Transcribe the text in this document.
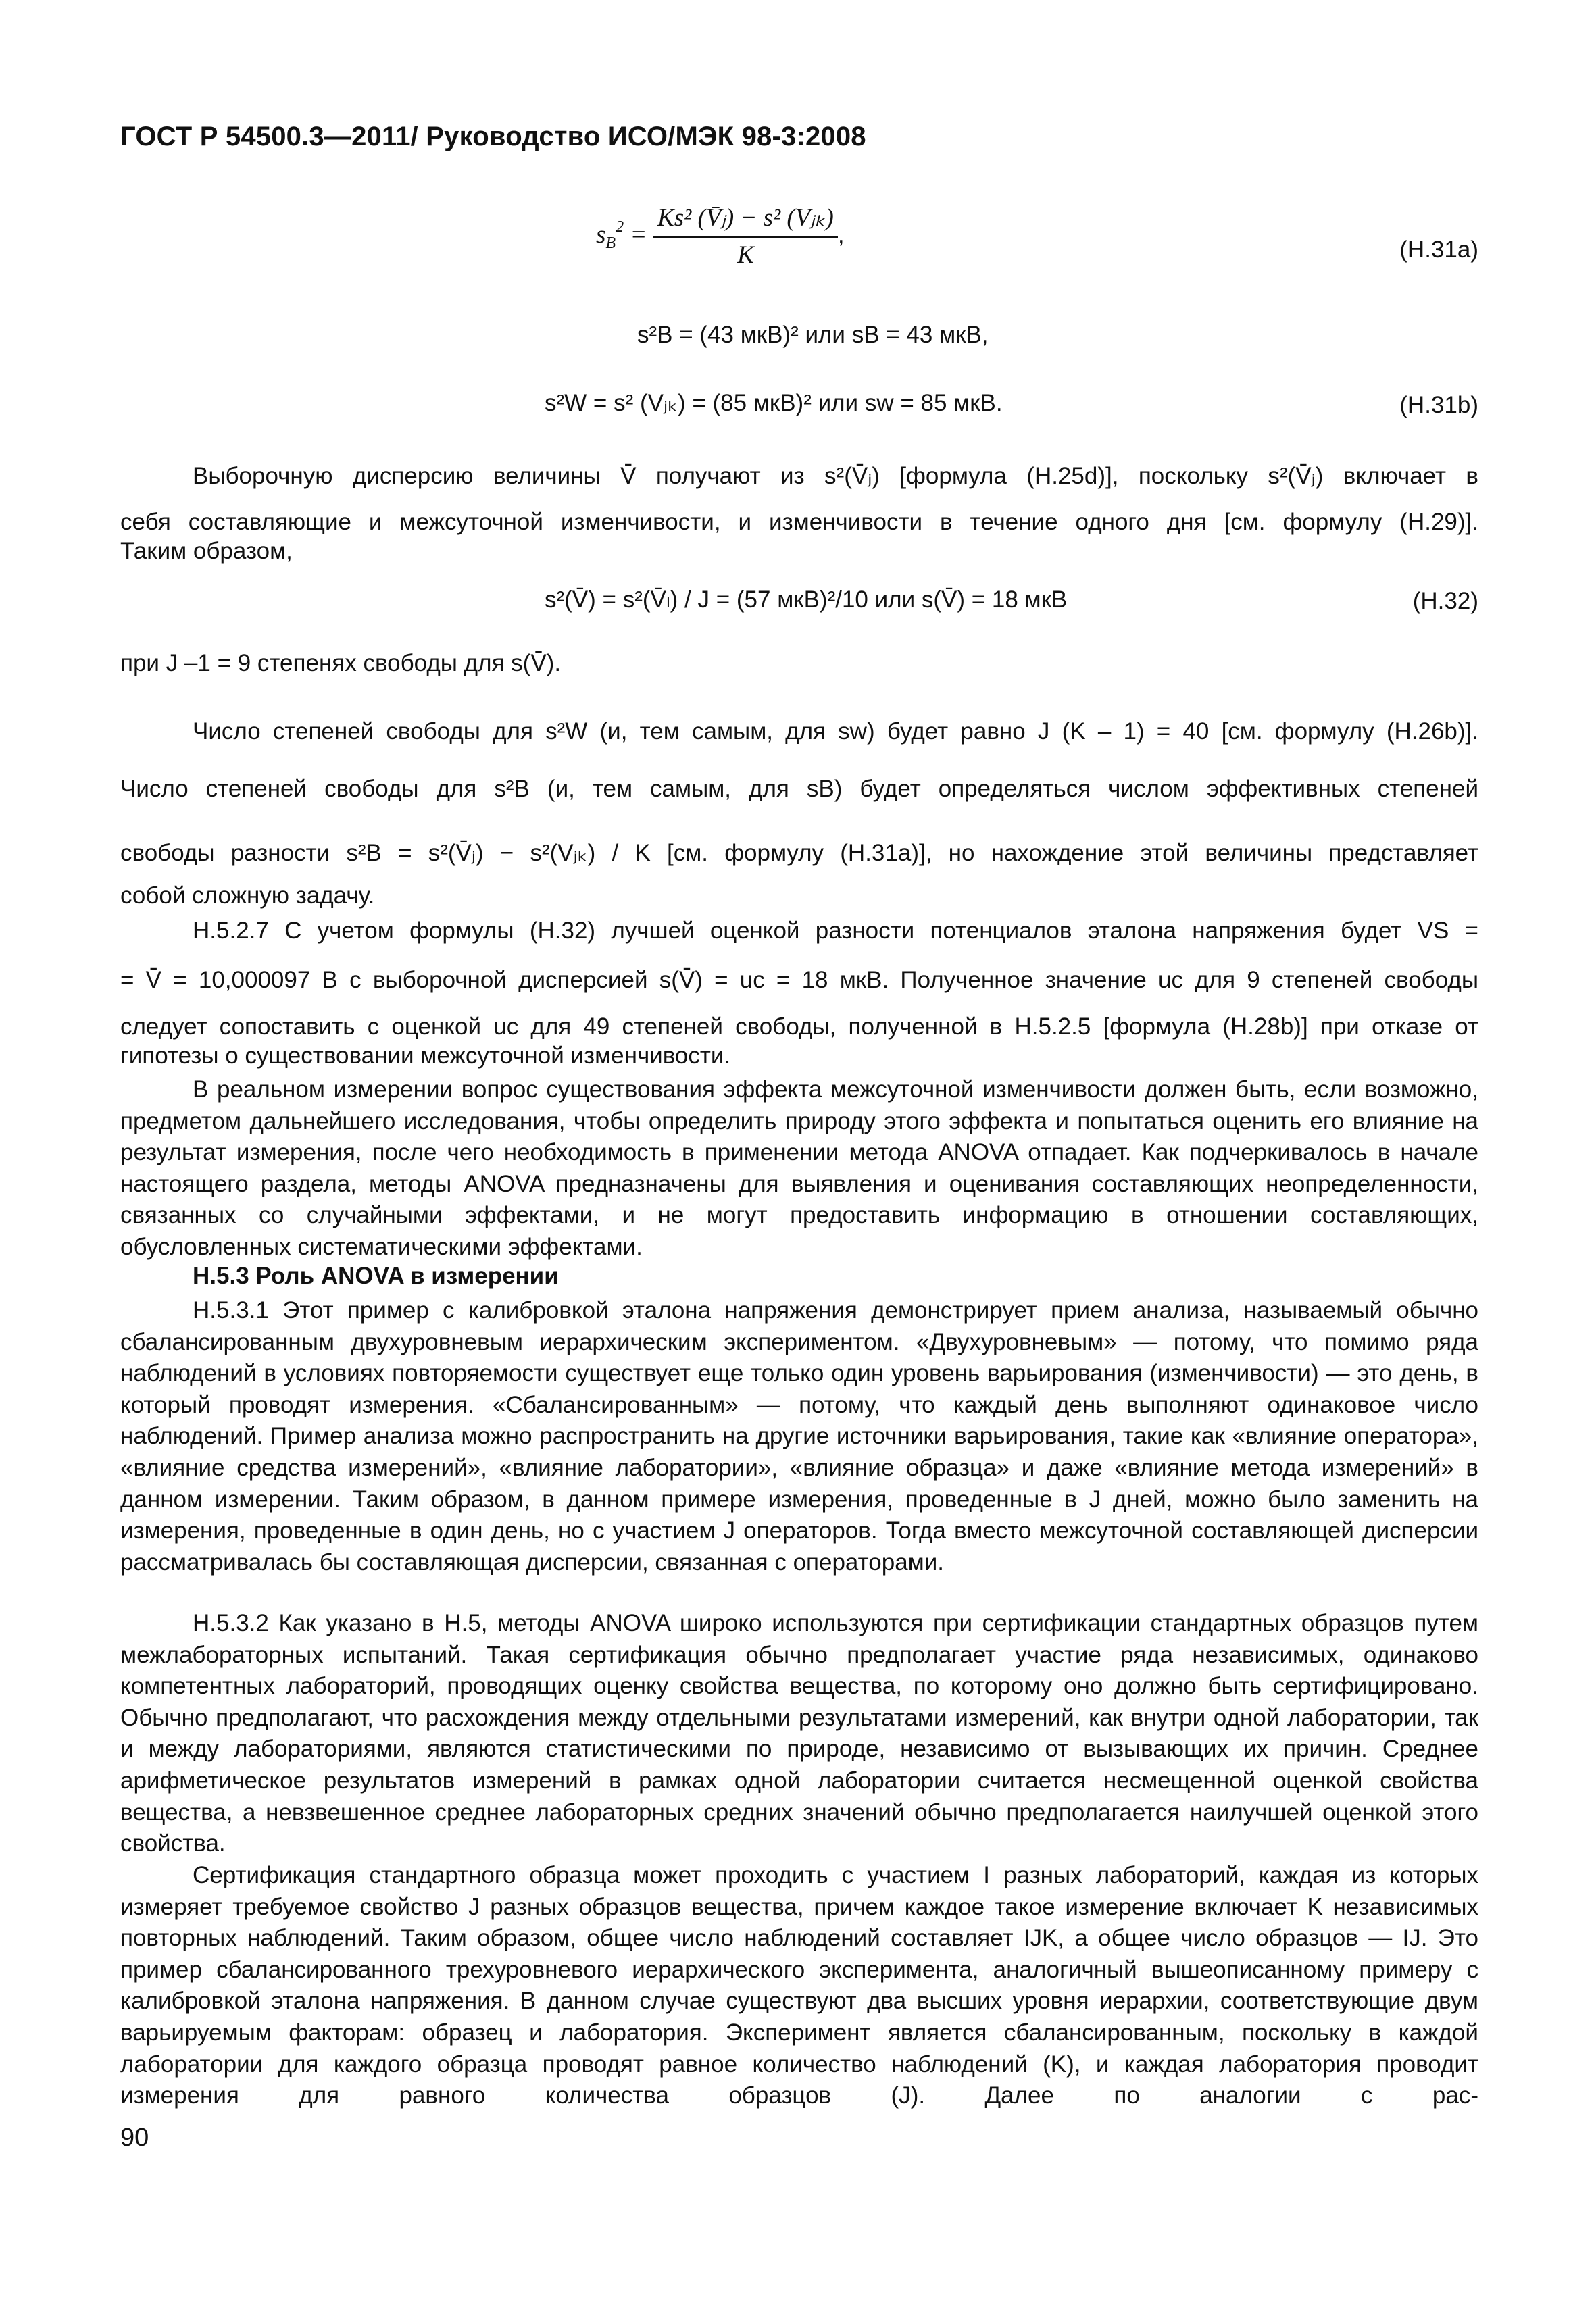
ГОСТ Р 54500.3—2011/ Руководство ИСО/МЭК 98-3:2008
$s_B^2 = \frac{\text{Ks² (V̄ⱼ) − s² (Vⱼₖ)}}{K}$ ,
(H.31a)
s²B = (43 мкВ)² или sB = 43 мкВ,
s²W = s² (Vⱼₖ) = (85 мкВ)² или sw = 85 мкВ.	(H.31b)
Выборочную дисперсию величины V̄ получают из s²(V̄ⱼ) [формула (H.25d)], поскольку s²(V̄ⱼ) включает в
себя составляющие и межсуточной изменчивости, и изменчивости в течение одного дня [см. формулу (H.29)].
Таким образом,
s²(V̄) = s²(V̄ₗ) / J = (57 мкВ)²/10 или s(V̄) = 18 мкВ	(H.32)
при J –1 = 9 степенях свободы для s(V̄).
Число степеней свободы для s²W (и, тем самым, для sw) будет равно J (K – 1) = 40 [см. формулу (H.26b)].
Число степеней свободы для s²B (и, тем самым, для sB) будет определяться числом эффективных степеней
свободы разности s²B = s²(V̄ⱼ) − s²(Vⱼₖ) / K [см. формулу (H.31a)], но нахождение этой величины представляет
собой сложную задачу.
H.5.2.7 С учетом формулы (H.32) лучшей оценкой разности потенциалов эталона напряжения будет VS =
= V̄ = 10,000097 В с выборочной дисперсией s(V̄) = uc = 18 мкВ. Полученное значение uc для 9 степеней свободы
следует сопоставить с оценкой uc для 49 степеней свободы, полученной в H.5.2.5 [формула (H.28b)] при отказе от
гипотезы о существовании межсуточной изменчивости.
В реальном измерении вопрос существования эффекта межсуточной изменчивости должен быть, если возможно, предметом дальнейшего исследования, чтобы определить природу этого эффекта и попытаться оценить его влияние на результат измерения, после чего необходимость в применении метода ANOVA отпадает. Как подчеркивалось в начале настоящего раздела, методы ANOVA предназначены для выявления и оценивания составляющих неопределенности, связанных со случайными эффектами, и не могут предоставить информацию в отношении составляющих, обусловленных систематическими эффектами.
H.5.3 Роль ANOVA в измерении
H.5.3.1 Этот пример с калибровкой эталона напряжения демонстрирует прием анализа, называемый обычно сбалансированным двухуровневым иерархическим экспериментом. «Двухуровневым» — потому, что помимо ряда наблюдений в условиях повторяемости существует еще только один уровень варьирования (изменчивости) — это день, в который проводят измерения. «Сбалансированным» — потому, что каждый день выполняют одинаковое число наблюдений. Пример анализа можно распространить на другие источники варьирования, такие как «влияние оператора», «влияние средства измерений», «влияние лаборатории», «влияние образца» и даже «влияние метода измерений» в данном измерении. Таким образом, в данном примере измерения, проведенные в J дней, можно было заменить на измерения, проведенные в один день, но с участием J операторов. Тогда вместо межсуточной составляющей дисперсии рассматривалась бы составляющая дисперсии, связанная с операторами.
H.5.3.2 Как указано в H.5, методы ANOVA широко используются при сертификации стандартных образцов путем межлабораторных испытаний. Такая сертификация обычно предполагает участие ряда независимых, одинаково компетентных лабораторий, проводящих оценку свойства вещества, по которому оно должно быть сертифицировано. Обычно предполагают, что расхождения между отдельными результатами измерений, как внутри одной лаборатории, так и между лабораториями, являются статистическими по природе, независимо от вызывающих их причин. Среднее арифметическое результатов измерений в рамках одной лаборатории считается несмещенной оценкой свойства вещества, а невзвешенное среднее лабораторных средних значений обычно предполагается наилучшей оценкой этого свойства.
Сертификация стандартного образца может проходить с участием I разных лабораторий, каждая из которых измеряет требуемое свойство J разных образцов вещества, причем каждое такое измерение включает K независимых повторных наблюдений. Таким образом, общее число наблюдений составляет IJK, а общее число образцов — IJ. Это пример сбалансированного трехуровневого иерархического эксперимента, аналогичный вышеописанному примеру с калибровкой эталона напряжения. В данном случае существуют два высших уровня иерархии, соответствующие двум варьируемым факторам: образец и лаборатория. Эксперимент является сбалансированным, поскольку в каждой лаборатории для каждого образца проводят равное количество наблюдений (K), и каждая лаборатория проводит измерения для равного количества образцов (J). Далее по аналогии с рас-
90
